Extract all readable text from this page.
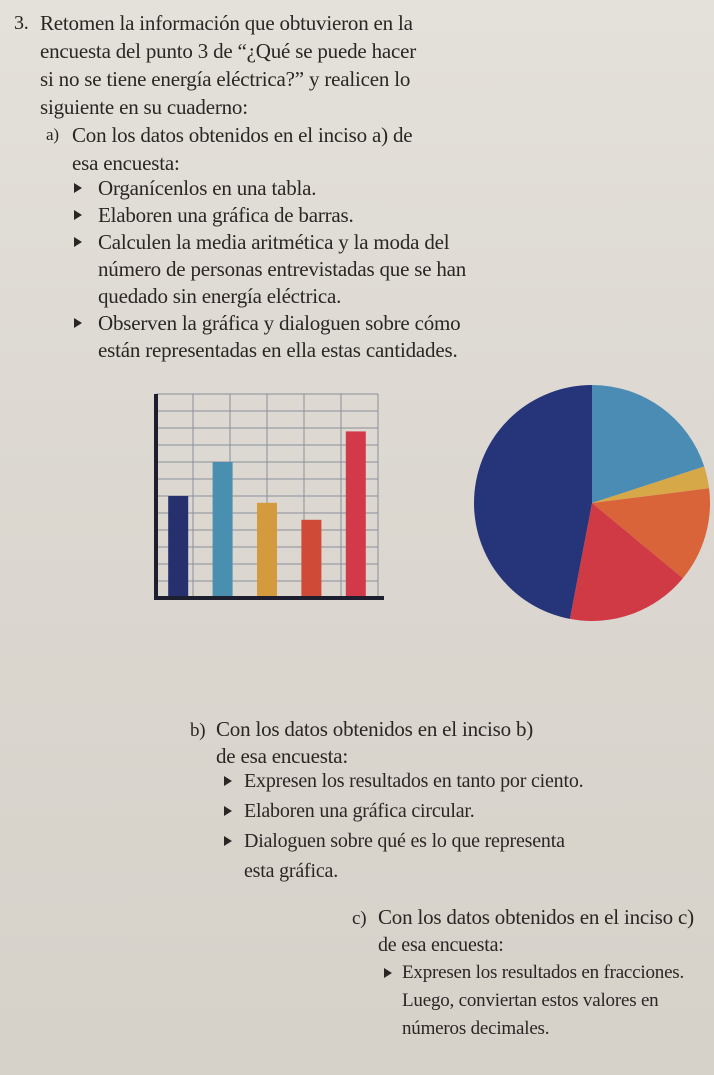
3. Retomen la información que obtuvieron en la
encuesta del punto 3 de “¿Qué se puede hacer
si no se tiene energía eléctrica?” y realicen lo
siguiente en su cuaderno:
a) Con los datos obtenidos en el inciso a) de
esa encuesta:
Organícenlos en una tabla.
Elaboren una gráfica de barras.
Calculen la media aritmética y la moda del
número de personas entrevistadas que se han
quedado sin energía eléctrica.
Observen la gráfica y dialoguen sobre cómo
están representadas en ella estas cantidades.
b) Con los datos obtenidos en el inciso b)
de esa encuesta:
Expresen los resultados en tanto por ciento.
Elaboren una gráfica circular.
Dialoguen sobre qué es lo que representa
esta gráfica.
c) Con los datos obtenidos en el inciso c)
de esa encuesta:
Expresen los resultados en fracciones.
Luego, conviertan estos valores en
números decimales.
